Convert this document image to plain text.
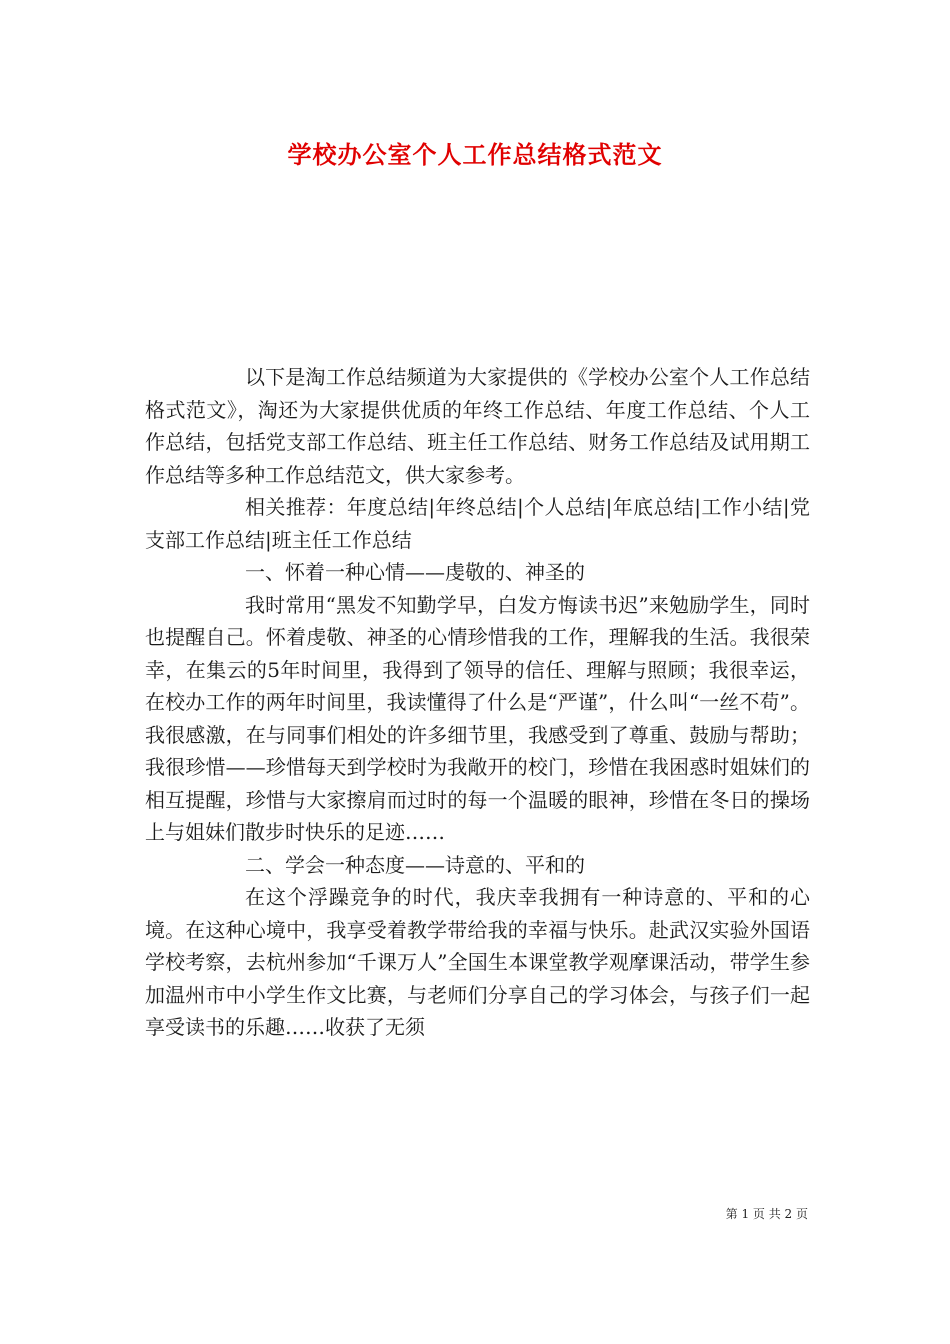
学校办公室个人工作总结格式范文

以下是淘工作总结频道为大家提供的《学校办公室个人工作总结格式范文》，淘还为大家提供优质的年终工作总结、年度工作总结、个人工作总结，包括党支部工作总结、班主任工作总结、财务工作总结及试用期工作总结等多种工作总结范文，供大家参考。

相关推荐：年度总结|年终总结|个人总结|年底总结|工作小结|党支部工作总结|班主任工作总结

一、怀着一种心情——虔敬的、神圣的

我时常用“黑发不知勤学早，白发方悔读书迟”来勉励学生，同时也提醒自己。怀着虔敬、神圣的心情珍惜我的工作，理解我的生活。我很荣幸，在集云的5年时间里，我得到了领导的信任、理解与照顾；我很幸运，在校办工作的两年时间里，我读懂得了什么是“严谨”，什么叫“一丝不苟”。我很感激，在与同事们相处的许多细节里，我感受到了尊重、鼓励与帮助；我很珍惜——珍惜每天到学校时为我敞开的校门，珍惜在我困惑时姐妹们的相互提醒，珍惜与大家擦肩而过时的每一个温暖的眼神，珍惜在冬日的操场上与姐妹们散步时快乐的足迹……

二、学会一种态度——诗意的、平和的

在这个浮躁竞争的时代，我庆幸我拥有一种诗意的、平和的心境。在这种心境中，我享受着教学带给我的幸福与快乐。赴武汉实验外国语学校考察，去杭州参加“千课万人”全国生本课堂教学观摩课活动，带学生参加温州市中小学生作文比赛，与老师们分享自己的学习体会，与孩子们一起享受读书的乐趣……收获了无须

第 1 页 共 2 页
